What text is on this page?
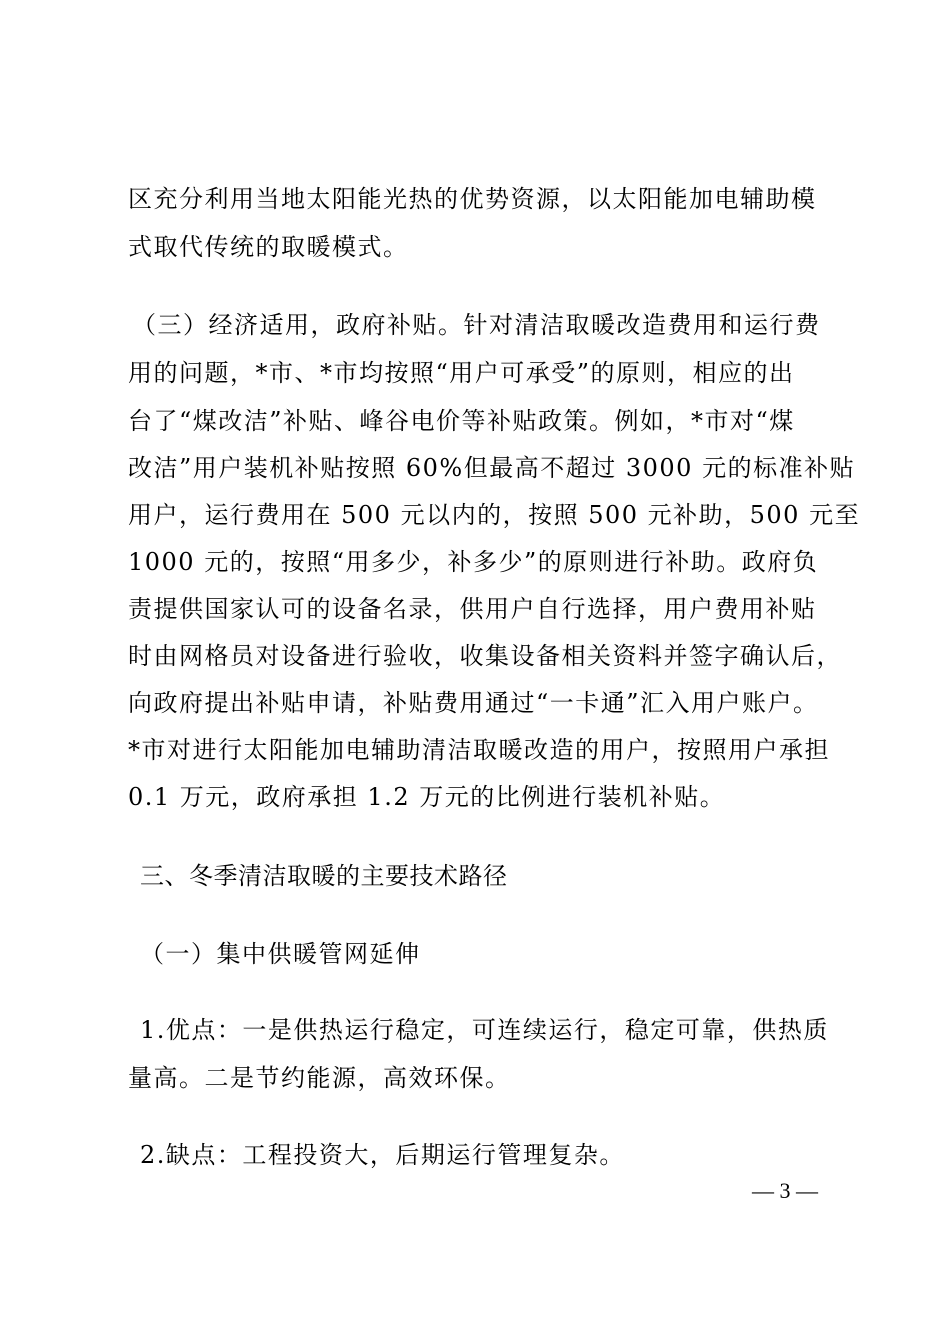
区充分利用当地太阳能光热的优势资源，以太阳能加电辅助模
式取代传统的取暖模式。
（三）经济适用，政府补贴。针对清洁取暖改造费用和运行费
用的问题，*市、*市均按照“用户可承受”的原则，相应的出
台了“煤改洁”补贴、峰谷电价等补贴政策。例如，*市对“煤
改洁”用户装机补贴按照 60%但最高不超过 3000 元的标准补贴
用户，运行费用在 500 元以内的，按照 500 元补助，500 元至
1000 元的，按照“用多少，补多少”的原则进行补助。政府负
责提供国家认可的设备名录，供用户自行选择，用户费用补贴
时由网格员对设备进行验收，收集设备相关资料并签字确认后，
向政府提出补贴申请，补贴费用通过“一卡通”汇入用户账户。
*市对进行太阳能加电辅助清洁取暖改造的用户，按照用户承担
0.1 万元，政府承担 1.2 万元的比例进行装机补贴。
三、冬季清洁取暖的主要技术路径
（一）集中供暖管网延伸
1.优点：一是供热运行稳定，可连续运行，稳定可靠，供热质
量高。二是节约能源，高效环保。
2.缺点：工程投资大，后期运行管理复杂。
— 3 —
